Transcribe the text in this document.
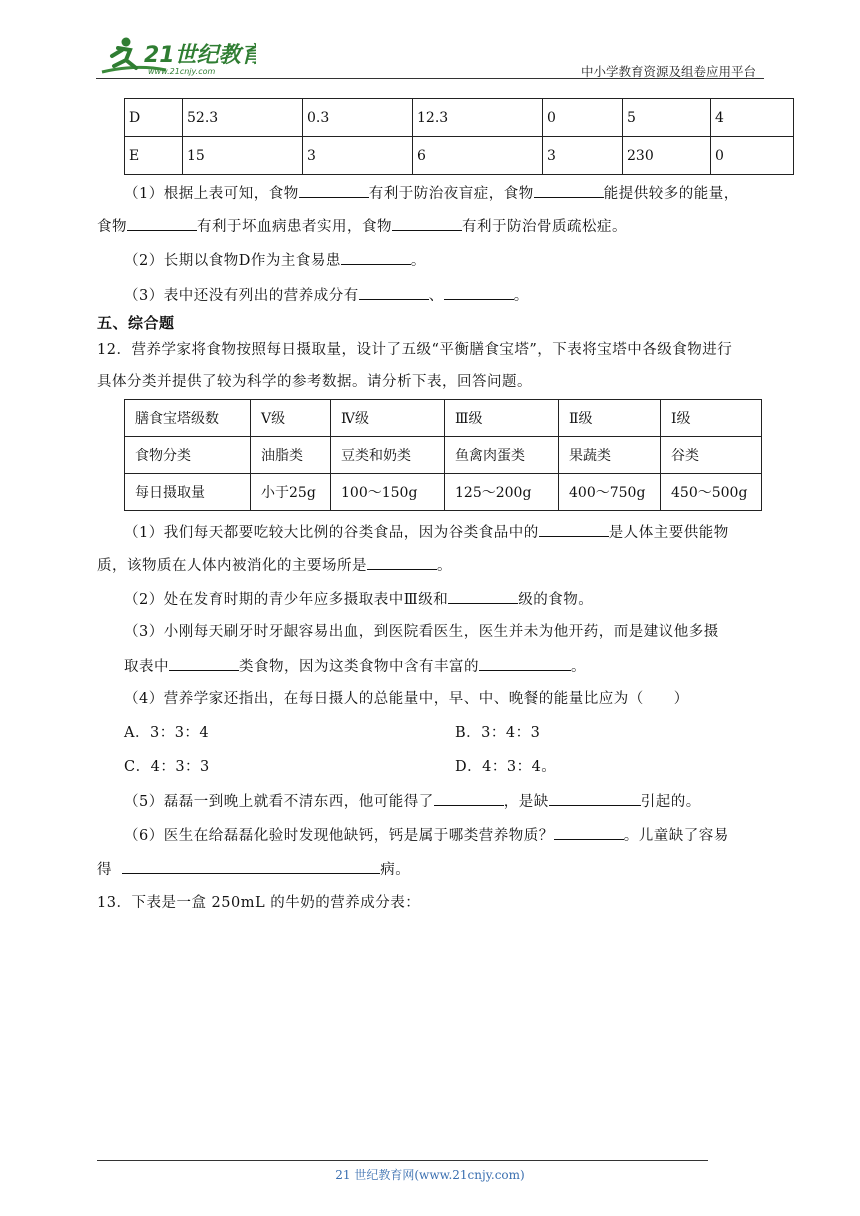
21世纪教育
www.21cnjy.com	中小学教育资源及组卷应用平台
D	52.3	0.3	12.3	0	5	4
E	15	3	6	3	230	0
（1）根据上表可知，食物	有利于防治夜盲症，食物	能提供较多的能量，
食物	有利于坏血病患者实用，食物	有利于防治骨质疏松症。
（2）长期以食物D作为主食易患	。
（3）表中还没有列出的营养成分有	、	。
五、综合题
12．营养学家将食物按照每日摄取量，设计了五级“平衡膳食宝塔”，下表将宝塔中各级食物进行
具体分类并提供了较为科学的参考数据。请分析下表，回答问题。
膳食宝塔级数	Ⅴ级	Ⅳ级	Ⅲ级	Ⅱ级	Ⅰ级
食物分类	油脂类	豆类和奶类	鱼禽肉蛋类	果蔬类	谷类
每日摄取量	小于25g	100～150g	125～200g	400～750g	450～500g
（1）我们每天都要吃较大比例的谷类食品，因为谷类食品中的	是人体主要供能物
质，该物质在人体内被消化的主要场所是	。
（2）处在发育时期的青少年应多摄取表中Ⅲ级和	级的食物。
（3）小刚每天刷牙时牙龈容易出血，到医院看医生，医生并未为他开药，而是建议他多摄
取表中	类食物，因为这类食物中含有丰富的	。
（4）营养学家还指出，在每日摄人的总能量中，早、中、晚餐的能量比应为（　　）
A．3：3：4	B．3：4：3
C．4：3：3	D．4：3：4。
（5）磊磊一到晚上就看不清东西，他可能得了	，是缺	引起的。
（6）医生在给磊磊化验时发现他缺钙，钙是属于哪类营养物质？	。儿童缺了容易
得	病。
13．下表是一盒 250mL 的牛奶的营养成分表：
21 世纪教育网(www.21cnjy.com)
